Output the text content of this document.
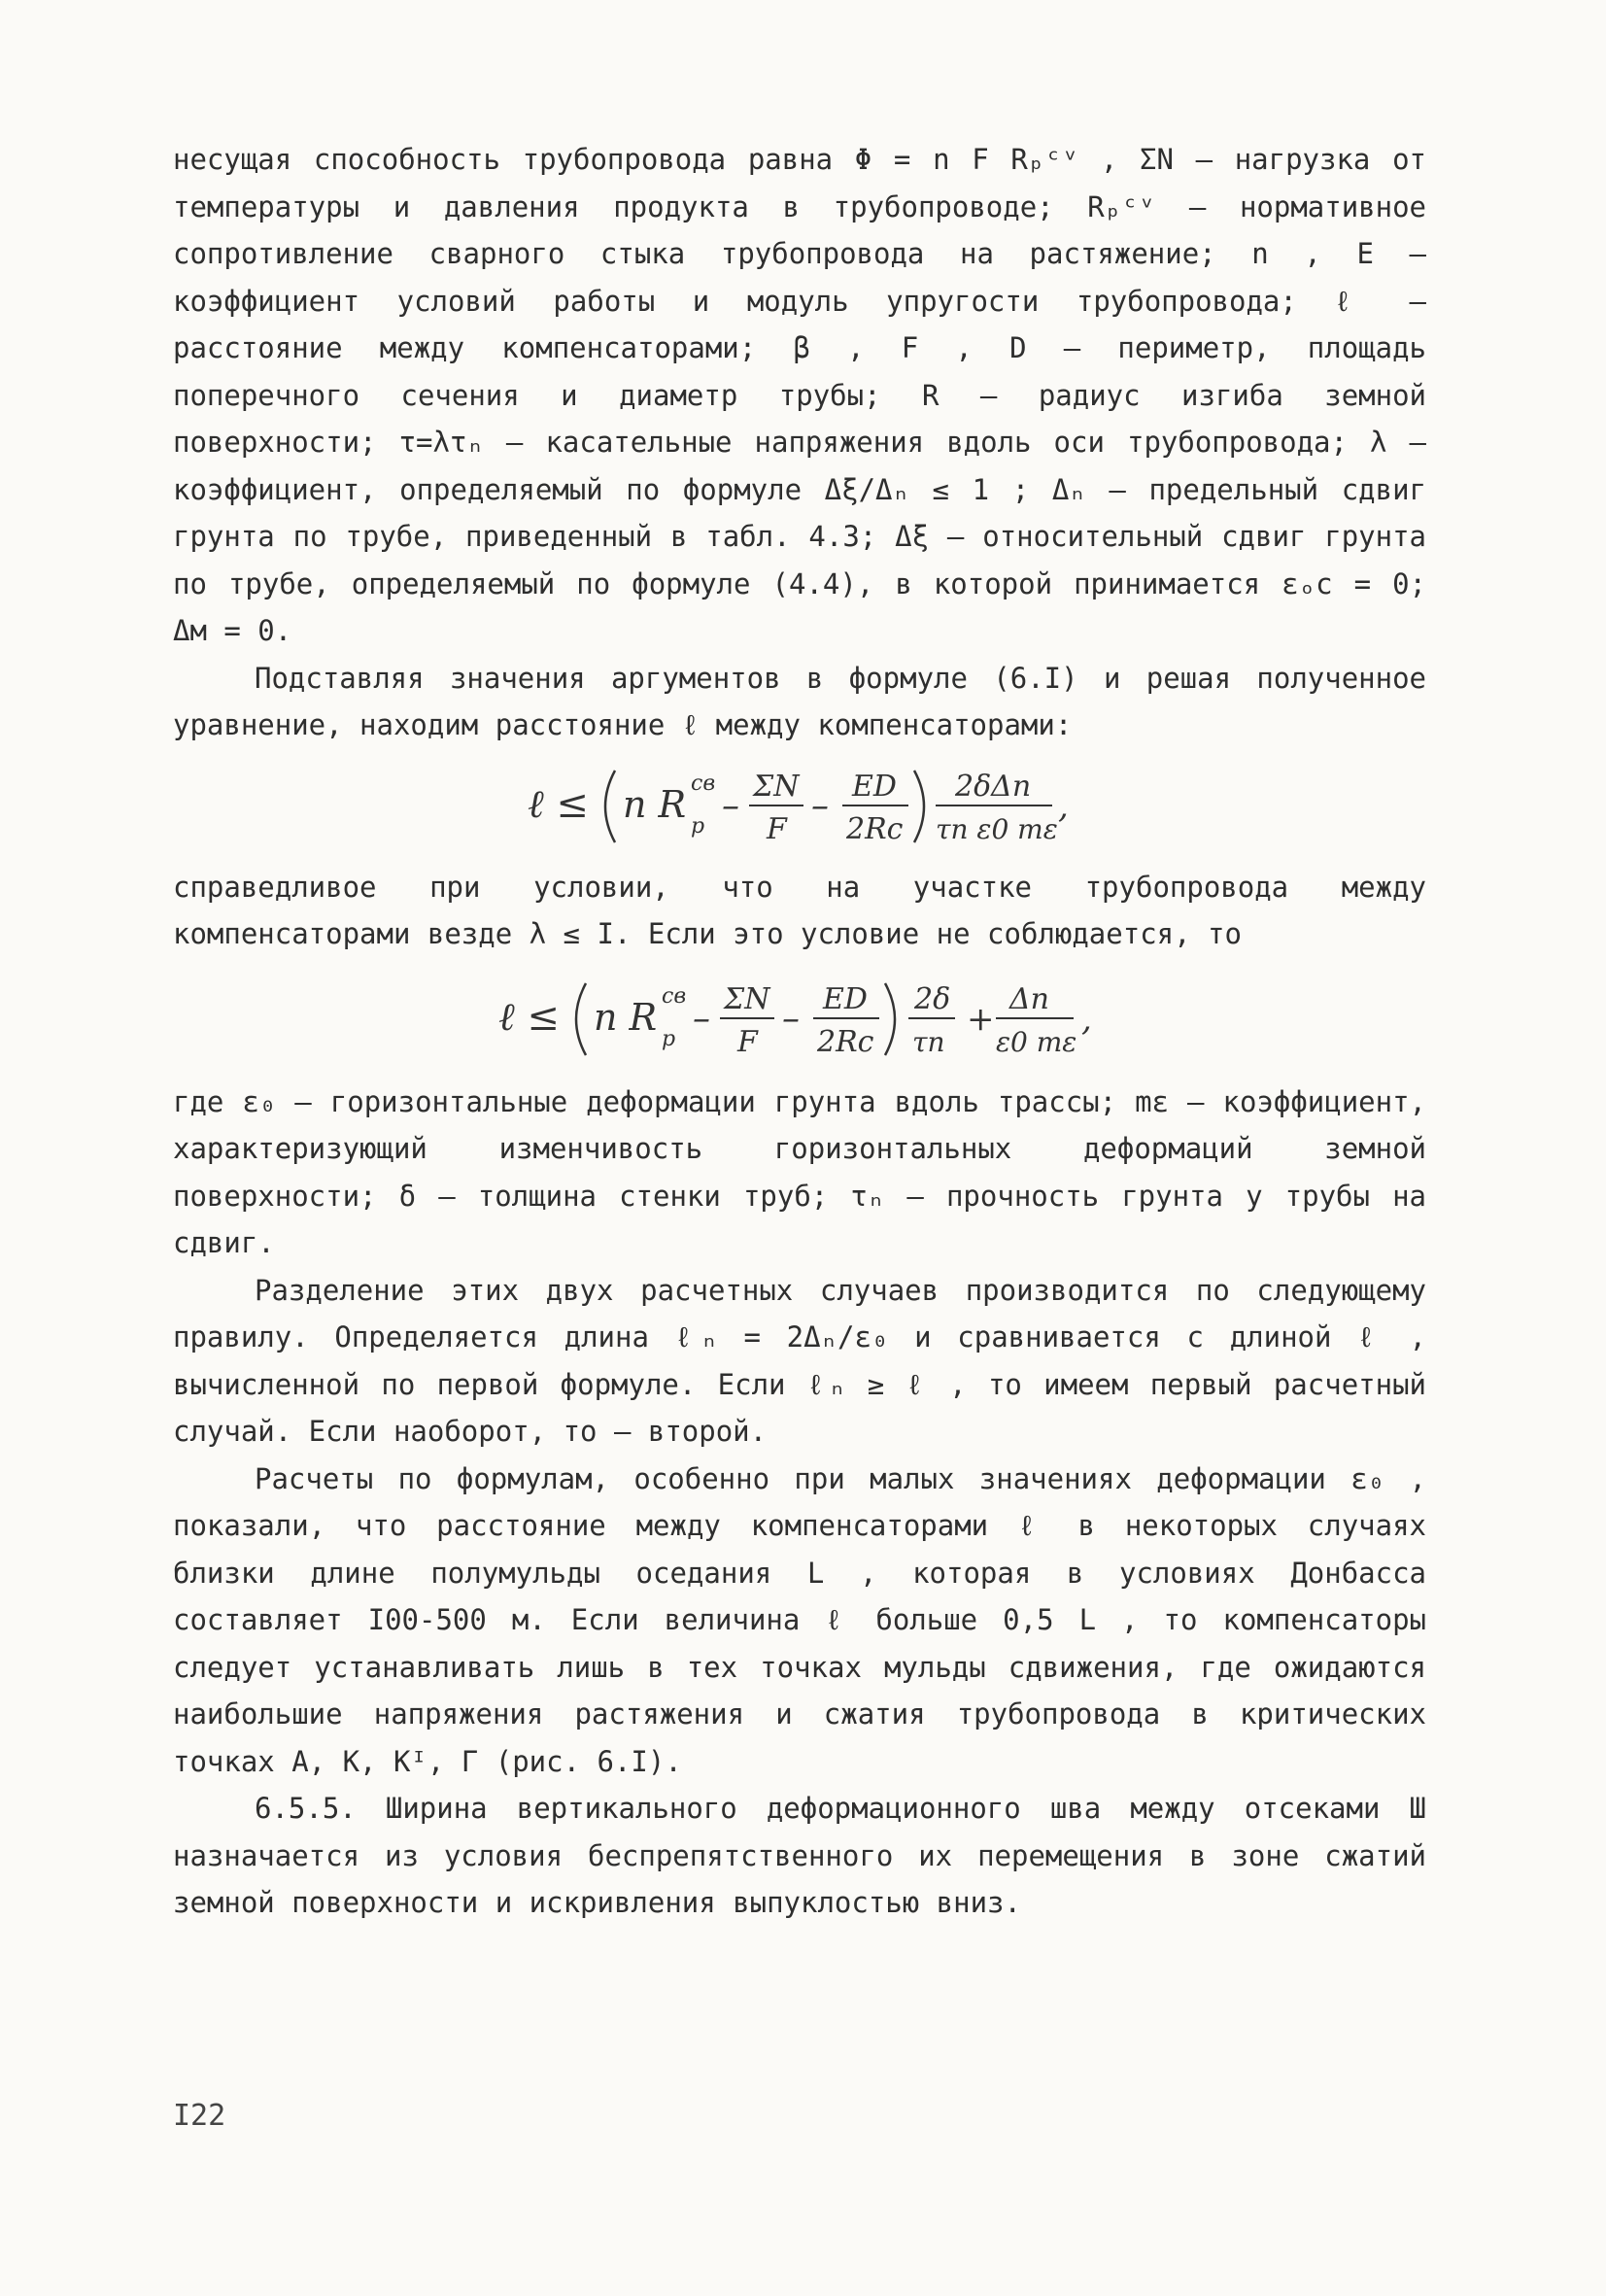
несущая способность трубопровода равна Φ = n F Rₚᶜᵛ , ΣN – нагрузка от температуры и давления продукта в трубопроводе; Rₚᶜᵛ – нормативное сопротивление сварного стыка трубопровода на растяжение; n , E – коэффициент условий работы и модуль упругости трубопровода; ℓ – расстояние между компенсаторами; β , F , D – периметр, площадь поперечного сечения и диаметр трубы; R – радиус изгиба земной поверхности; τ=λτₙ – касательные напряжения вдоль оси трубопровода; λ – коэффициент, определяемый по формуле Δξ/Δₙ ≤ 1 ; Δₙ – предельный сдвиг грунта по трубе, приведенный в табл. 4.3; Δξ – относительный сдвиг грунта по трубе, определяемый по формуле (4.4), в которой принимается εₒc = 0; Δм = 0.

Подставляя значения аргументов в формуле (6.I) и решая полученное уравнение, находим расстояние ℓ между компенсаторами:

ℓ ≤ n R cв
p
– ΣN
F
– ED
2Rc
2δΔn
τn ε0 mε
,

справедливое при условии, что на участке трубопровода между компенсаторами везде λ ≤ I. Если это условие не соблюдается, то

ℓ ≤ n R cв
p
– ΣN
F
– ED
2Rc
2δ
τn
+
Δn
ε0 mε
,

где ε₀ – горизонтальные деформации грунта вдоль трассы; mε – коэффициент, характеризующий изменчивость горизонтальных деформаций земной поверхности; δ – толщина стенки труб; τₙ – прочность грунта у трубы на сдвиг.

Разделение этих двух расчетных случаев производится по следующему правилу. Определяется длина ℓₙ = 2Δₙ/ε₀ и сравнивается с длиной ℓ , вычисленной по первой формуле. Если ℓₙ ≥ ℓ , то имеем первый расчетный случай. Если наоборот, то – второй.

Расчеты по формулам, особенно при малых значениях деформации ε₀ , показали, что расстояние между компенсаторами ℓ в некоторых случаях близки длине полумульды оседания L , которая в условиях Донбасса составляет I00-500 м. Если величина ℓ больше 0,5 L , то компенсаторы следует устанавливать лишь в тех точках мульды сдвижения, где ожидаются наибольшие напряжения растяжения и сжатия трубопровода в критических точках А, К, Кᴵ, Г (рис. 6.I).

6.5.5. Ширина вертикального деформационного шва между отсеками Ш назначается из условия беспрепятственного их перемещения в зоне сжатий земной поверхности и искривления выпуклостью вниз.

I22
